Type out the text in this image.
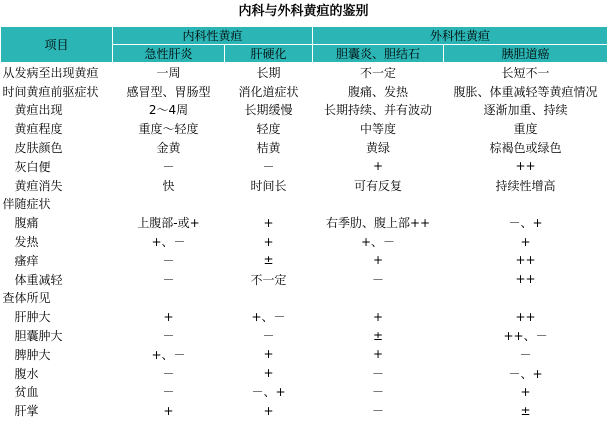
内科与外科黄疸的鉴别
项目	内科性黄疸		外科性黄疸	
	急性肝炎	肝硬化	胆囊炎、胆结石	胰胆道癌
从发病至出现黄疸	一周	长期	不一定	长短不一
时间黄疸前驱症状	感冒型、胃肠型	消化道症状	腹痛、发热	腹胀、体重减轻等黄疸情况
黄疸出现	2～4周	长期缓慢	长期持续、并有波动	逐渐加重、持续
黄疸程度	重度～轻度	轻度	中等度	重度
皮肤颜色	金黄	桔黄	黄绿	棕褐色或绿色
灰白便	－	－	+	++
黄疸消失	快	时间长	可有反复	持续性增高
伴随症状				
腹痛	上腹部-或+	+	右季肋、腹上部++	－、+
发热	+、－	+	+、－	+
瘙痒	－	±	+	++
体重减轻	－	不一定	－	++
查体所见				
肝肿大	+	+、－	+	++
胆囊肿大	－	－	±	++、－
脾肿大	+、－	+	+	－
腹水	－	+	－	－、+
贫血	－	－、+	－	+
肝掌	+	+	－	±
